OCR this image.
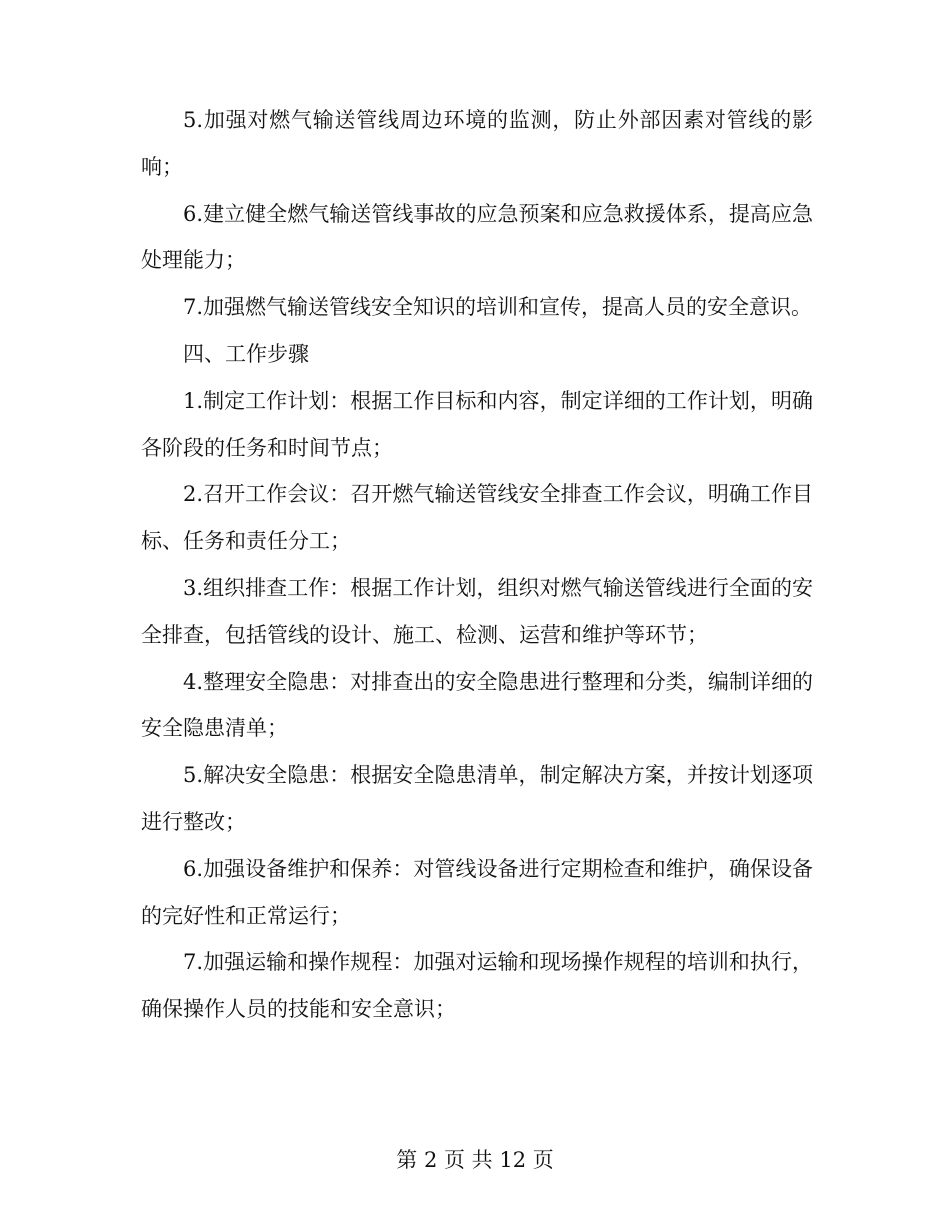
5.加强对燃气输送管线周边环境的监测，防止外部因素对管线的影响；

6.建立健全燃气输送管线事故的应急预案和应急救援体系，提高应急处理能力；

7.加强燃气输送管线安全知识的培训和宣传，提高人员的安全意识。

四、工作步骤

1.制定工作计划：根据工作目标和内容，制定详细的工作计划，明确各阶段的任务和时间节点；

2.召开工作会议：召开燃气输送管线安全排查工作会议，明确工作目标、任务和责任分工；

3.组织排查工作：根据工作计划，组织对燃气输送管线进行全面的安全排查，包括管线的设计、施工、检测、运营和维护等环节；

4.整理安全隐患：对排查出的安全隐患进行整理和分类，编制详细的安全隐患清单；

5.解决安全隐患：根据安全隐患清单，制定解决方案，并按计划逐项进行整改；

6.加强设备维护和保养：对管线设备进行定期检查和维护，确保设备的完好性和正常运行；

7.加强运输和操作规程：加强对运输和现场操作规程的培训和执行，确保操作人员的技能和安全意识；

第 2 页 共 12 页
